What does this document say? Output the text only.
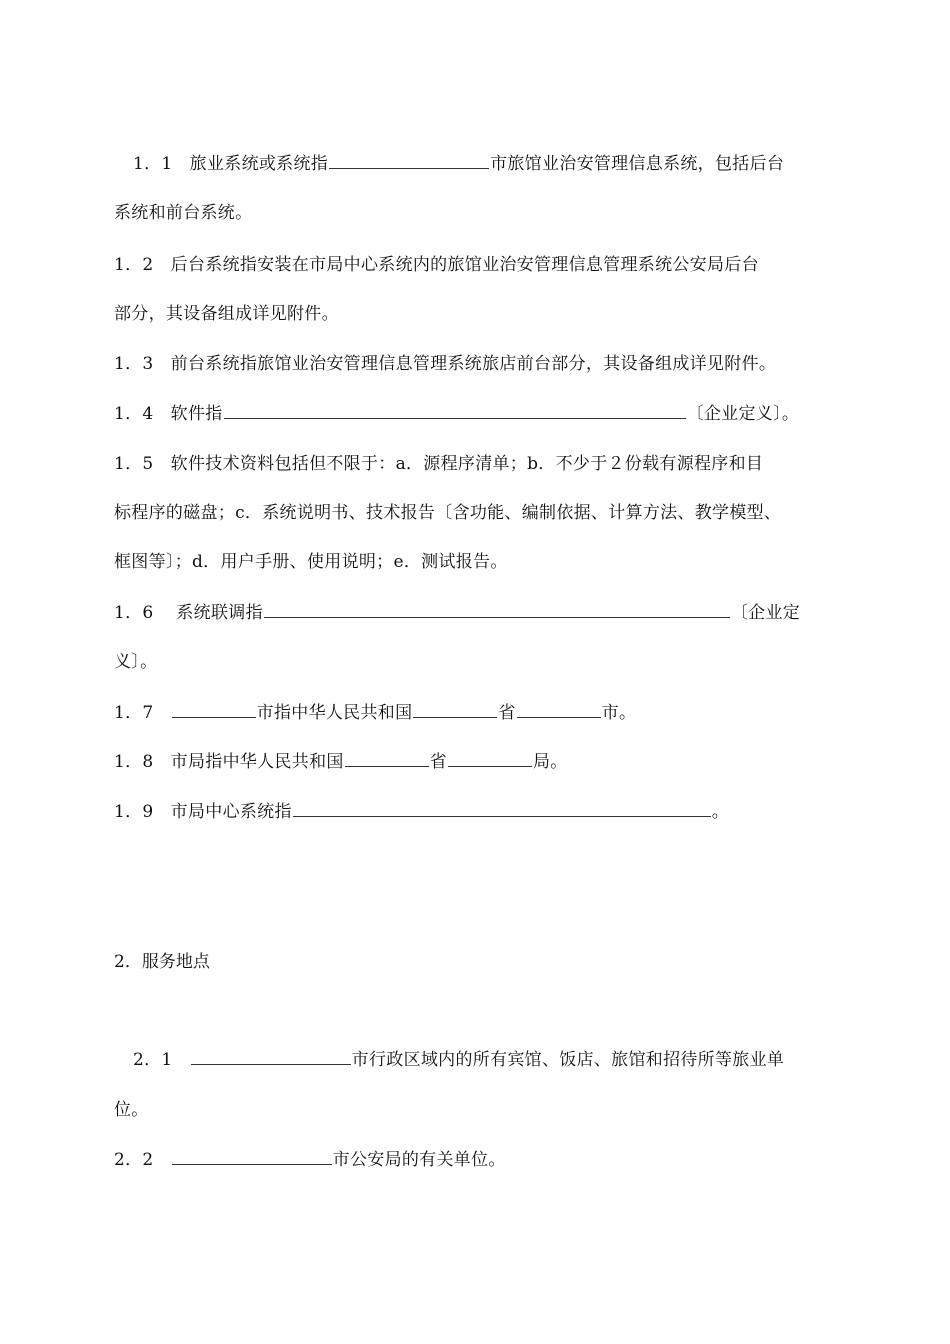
1．1 旅业系统或系统指	市旅馆业治安管理信息系统，包括后台
系统和前台系统。
1．2 后台系统指安装在市局中心系统内的旅馆业治安管理信息管理系统公安局后台
部分，其设备组成详见附件。
1．3 前台系统指旅馆业治安管理信息管理系统旅店前台部分，其设备组成详见附件。
1．4 软件指	〔企业定义〕。
1．5 软件技术资料包括但不限于：a．源程序清单；b．不少于２份载有源程序和目
标程序的磁盘；c．系统说明书、技术报告〔含功能、编制依据、计算方法、教学模型、
框图等〕；d．用户手册、使用说明；e．测试报告。
1．6 系统联调指	〔企业定
义〕。
1．7	市指中华人民共和国	省	市。
1．8 市局指中华人民共和国	省	局。
1．9 市局中心系统指	。
2．服务地点
2．1	市行政区域内的所有宾馆、饭店、旅馆和招待所等旅业单
位。
2．2	市公安局的有关单位。
